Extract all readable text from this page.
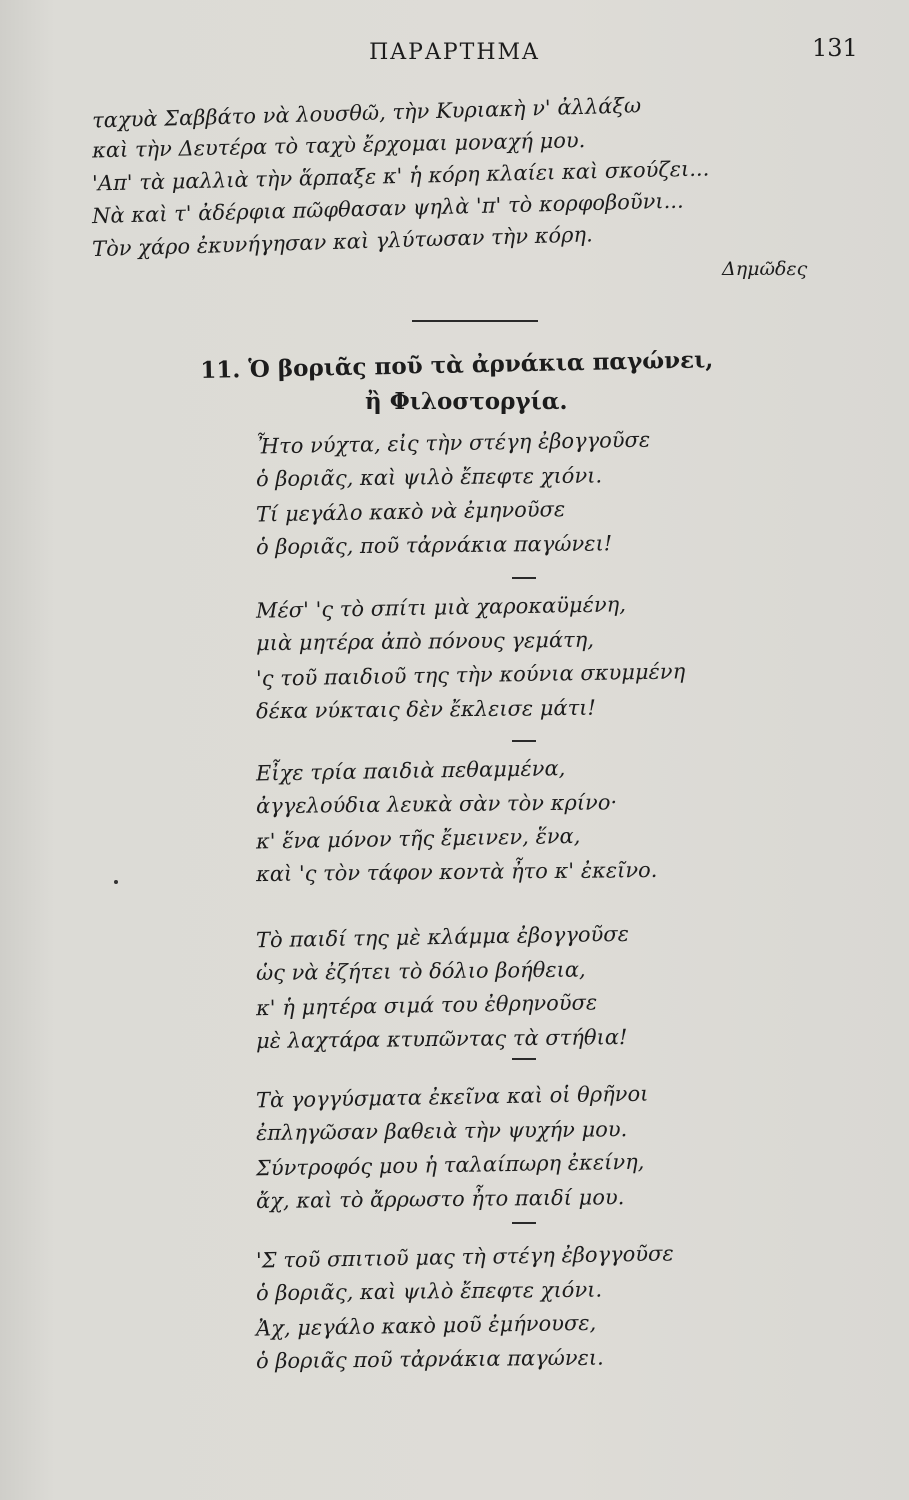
ΠΑΡΑΡΤΗΜΑ	131
ταχυὰ Σαββάτο νὰ λουσθῶ, τὴν Κυριακὴ ν' ἀλλάξω
καὶ τὴν Δευτέρα τὸ ταχὺ ἔρχομαι μοναχή μου.
'Απ' τὰ μαλλιὰ τὴν ἅρπαξε κ' ἡ κόρη κλαίει καὶ σκούζει...
Νὰ καὶ τ' ἀδέρφια πῶφθασαν ψηλὰ 'π' τὸ κορφοβοῦνι...
Τὸν χάρο ἐκυνήγησαν καὶ γλύτωσαν τὴν κόρη.
Δημῶδες
11. Ὁ βοριᾶς ποῦ τὰ ἀρνάκια παγώνει,
ἢ Φιλοστοργία.
Ἦτο νύχτα, εἰς τὴν στέγη ἐβογγοῦσε
ὁ βοριᾶς, καὶ ψιλὸ ἔπεφτε χιόνι.
Τί μεγάλο κακὸ νὰ ἐμηνοῦσε
ὁ βοριᾶς, ποῦ τἀρνάκια παγώνει!
Μέσ' 'ς τὸ σπίτι μιὰ χαροκαϋμένη,
μιὰ μητέρα ἀπὸ πόνους γεμάτη,
'ς τοῦ παιδιοῦ της τὴν κούνια σκυμμένη
δέκα νύκταις δὲν ἔκλεισε μάτι!
Εἶχε τρία παιδιὰ πεθαμμένα,
ἀγγελούδια λευκὰ σὰν τὸν κρίνο·
κ' ἕνα μόνον τῆς ἔμεινεν, ἕνα,
καὶ 'ς τὸν τάφον κοντὰ ἦτο κ' ἐκεῖνο.
Τὸ παιδί της μὲ κλάμμα ἐβογγοῦσε
ὡς νὰ ἐζήτει τὸ δόλιο βοήθεια,
κ' ἡ μητέρα σιμά του ἐθρηνοῦσε
μὲ λαχτάρα κτυπῶντας τὰ στήθια!
Τὰ γογγύσματα ἐκεῖνα καὶ οἱ θρῆνοι
ἐπληγῶσαν βαθειὰ τὴν ψυχήν μου.
Σύντροφός μου ἡ ταλαίπωρη ἐκείνη,
ἄχ, καὶ τὸ ἄρρωστο ἦτο παιδί μου.
'Σ τοῦ σπιτιοῦ μας τὴ στέγη ἐβογγοῦσε
ὁ βοριᾶς, καὶ ψιλὸ ἔπεφτε χιόνι.
Ἀχ, μεγάλο κακὸ μοῦ ἐμήνουσε,
ὁ βοριᾶς ποῦ τἀρνάκια παγώνει.
